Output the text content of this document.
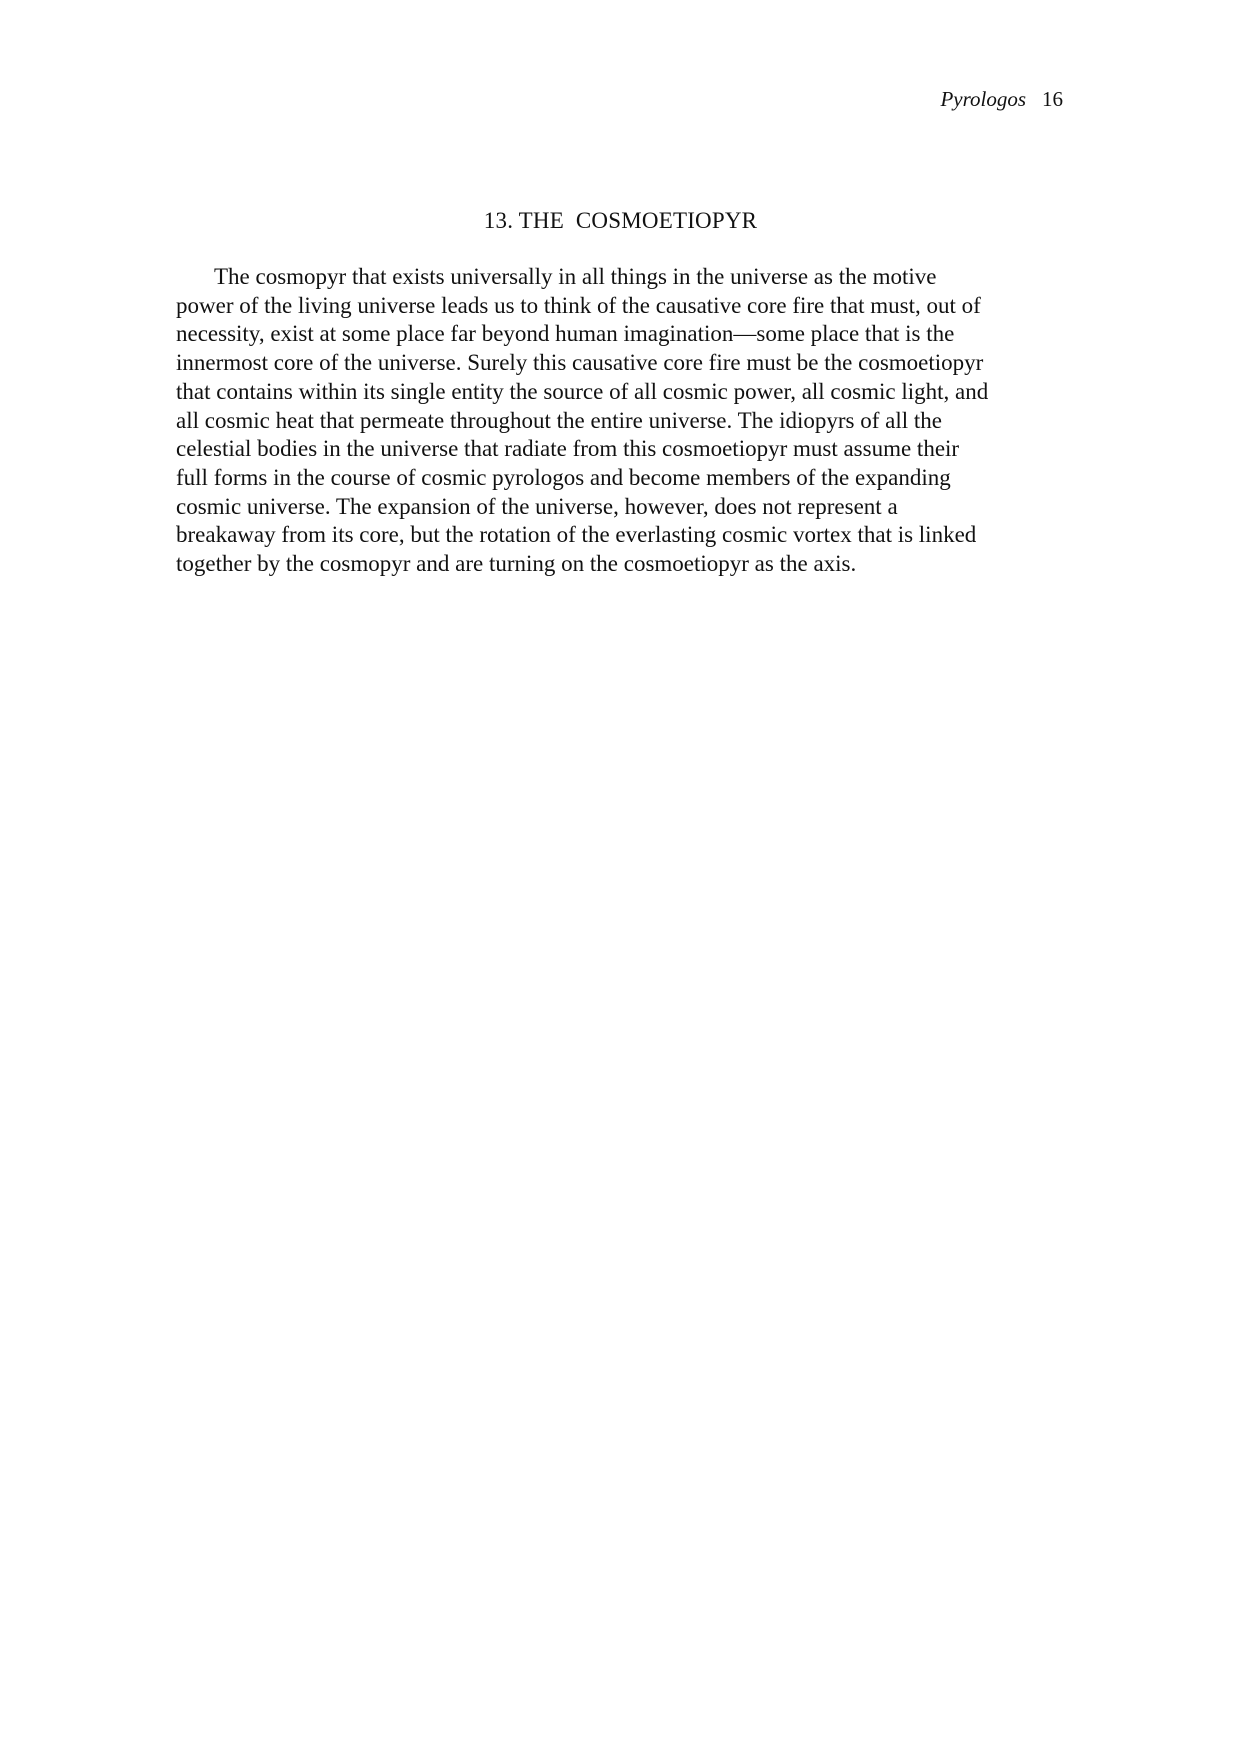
Pyrologos 16
13. THE  COSMOETIOPYR
The cosmopyr that exists universally in all things in the universe as the motive
power of the living universe leads us to think of the causative core fire that must, out of
necessity, exist at some place far beyond human imagination—some place that is the
innermost core of the universe. Surely this causative core fire must be the cosmoetiopyr
that contains within its single entity the source of all cosmic power, all cosmic light, and
all cosmic heat that permeate throughout the entire universe. The idiopyrs of all the
celestial bodies in the universe that radiate from this cosmoetiopyr must assume their
full forms in the course of cosmic pyrologos and become members of the expanding
cosmic universe. The expansion of the universe, however, does not represent a
breakaway from its core, but the rotation of the everlasting cosmic vortex that is linked
together by the cosmopyr and are turning on the cosmoetiopyr as the axis.
